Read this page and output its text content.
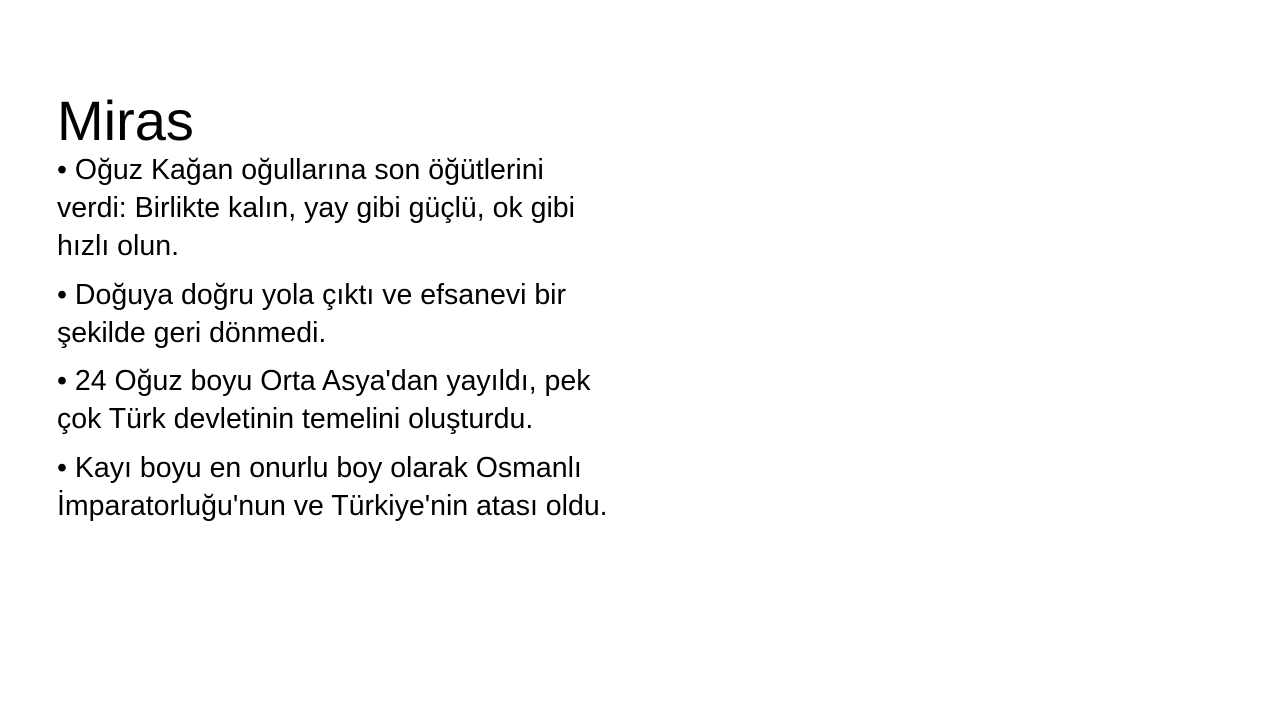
Miras

• Oğuz Kağan oğullarına son öğütlerini verdi: Birlikte kalın, yay gibi güçlü, ok gibi hızlı olun.

• Doğuya doğru yola çıktı ve efsanevi bir şekilde geri dönmedi.

• 24 Oğuz boyu Orta Asya'dan yayıldı, pek çok Türk devletinin temelini oluşturdu.

• Kayı boyu en onurlu boy olarak Osmanlı İmparatorluğu'nun ve Türkiye'nin atası oldu.
